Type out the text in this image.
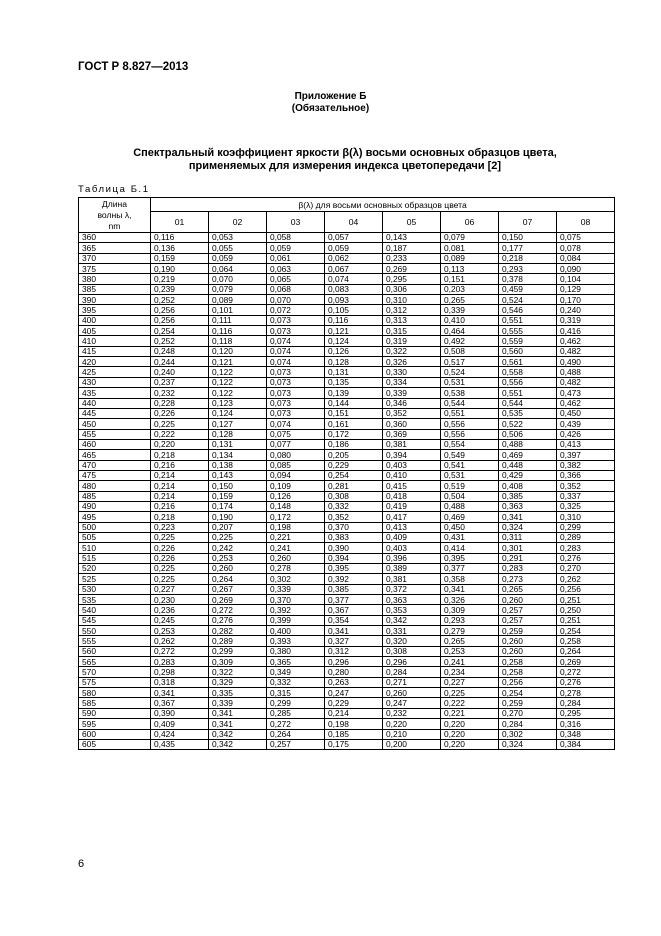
ГОСТ Р 8.827—2013
Приложение Б
(Обязательное)
Спектральный коэффициент яркости β(λ) восьми основных образцов цвета,
применяемых для измерения индекса цветопередачи [2]
Таблица Б.1
Длина
волны λ,
nm	β(λ) для восьми основных образцов цвета							
	01	02	03	04	05	06	07	08
360	0,116	0,053	0,058	0,057	0,143	0,079	0,150	0,075
365	0,136	0,055	0,059	0,059	0,187	0,081	0,177	0,078
370	0,159	0,059	0,061	0,062	0,233	0,089	0,218	0,084
375	0,190	0,064	0,063	0,067	0,269	0,113	0,293	0,090
380	0,219	0,070	0,065	0,074	0,295	0,151	0,378	0,104
385	0,239	0,079	0,068	0,083	0,306	0,203	0,459	0,129
390	0,252	0,089	0,070	0,093	0,310	0,265	0,524	0,170
395	0,256	0,101	0,072	0,105	0,312	0,339	0,546	0,240
400	0,256	0,111	0,073	0,116	0,313	0,410	0,551	0,319
405	0,254	0,116	0,073	0,121	0,315	0,464	0,555	0,416
410	0,252	0,118	0,074	0,124	0,319	0,492	0,559	0,462
415	0,248	0,120	0,074	0,126	0,322	0,508	0,560	0,482
420	0,244	0,121	0,074	0,128	0,326	0,517	0,561	0,490
425	0,240	0,122	0,073	0,131	0,330	0,524	0,558	0,488
430	0,237	0,122	0,073	0,135	0,334	0,531	0,556	0,482
435	0,232	0,122	0,073	0,139	0,339	0,538	0,551	0,473
440	0,228	0,123	0,073	0,144	0,346	0,544	0,544	0,462
445	0,226	0,124	0,073	0,151	0,352	0,551	0,535	0,450
450	0,225	0,127	0,074	0,161	0,360	0,556	0,522	0,439
455	0,222	0,128	0,075	0,172	0,369	0,556	0,506	0,426
460	0,220	0,131	0,077	0,186	0,381	0,554	0,488	0,413
465	0,218	0,134	0,080	0,205	0,394	0,549	0,469	0,397
470	0,216	0,138	0,085	0,229	0,403	0,541	0,448	0,382
475	0,214	0,143	0,094	0,254	0,410	0,531	0,429	0,366
480	0,214	0,150	0,109	0,281	0,415	0,519	0,408	0,352
485	0,214	0,159	0,126	0,308	0,418	0,504	0,385	0,337
490	0,216	0,174	0,148	0,332	0,419	0,488	0,363	0,325
495	0,218	0,190	0,172	0,352	0,417	0,469	0,341	0,310
500	0,223	0,207	0,198	0,370	0,413	0,450	0,324	0,299
505	0,225	0,225	0,221	0,383	0,409	0,431	0,311	0,289
510	0,226	0,242	0,241	0,390	0,403	0,414	0,301	0,283
515	0,226	0,253	0,260	0,394	0,396	0,395	0,291	0,276
520	0,225	0,260	0,278	0,395	0,389	0,377	0,283	0,270
525	0,225	0,264	0,302	0,392	0,381	0,358	0,273	0,262
530	0,227	0,267	0,339	0,385	0,372	0,341	0,265	0,256
535	0,230	0,269	0,370	0,377	0,363	0,326	0,260	0,251
540	0,236	0,272	0,392	0,367	0,353	0,309	0,257	0,250
545	0,245	0,276	0,399	0,354	0,342	0,293	0,257	0,251
550	0,253	0,282	0,400	0,341	0,331	0,279	0,259	0,254
555	0,262	0,289	0,393	0,327	0,320	0,265	0,260	0,258
560	0,272	0,299	0,380	0,312	0,308	0,253	0,260	0,264
565	0,283	0,309	0,365	0,296	0,296	0,241	0,258	0,269
570	0,298	0,322	0,349	0,280	0,284	0,234	0,258	0,272
575	0,318	0,329	0,332	0,263	0,271	0,227	0,256	0,276
580	0,341	0,335	0,315	0,247	0,260	0,225	0,254	0,278
585	0,367	0,339	0,299	0,229	0,247	0,222	0,259	0,284
590	0,390	0,341	0,285	0,214	0,232	0,221	0,270	0,295
595	0,409	0,341	0,272	0,198	0,220	0,220	0,284	0,316
600	0,424	0,342	0,264	0,185	0,210	0,220	0,302	0,348
605	0,435	0,342	0,257	0,175	0,200	0,220	0,324	0,384
6
